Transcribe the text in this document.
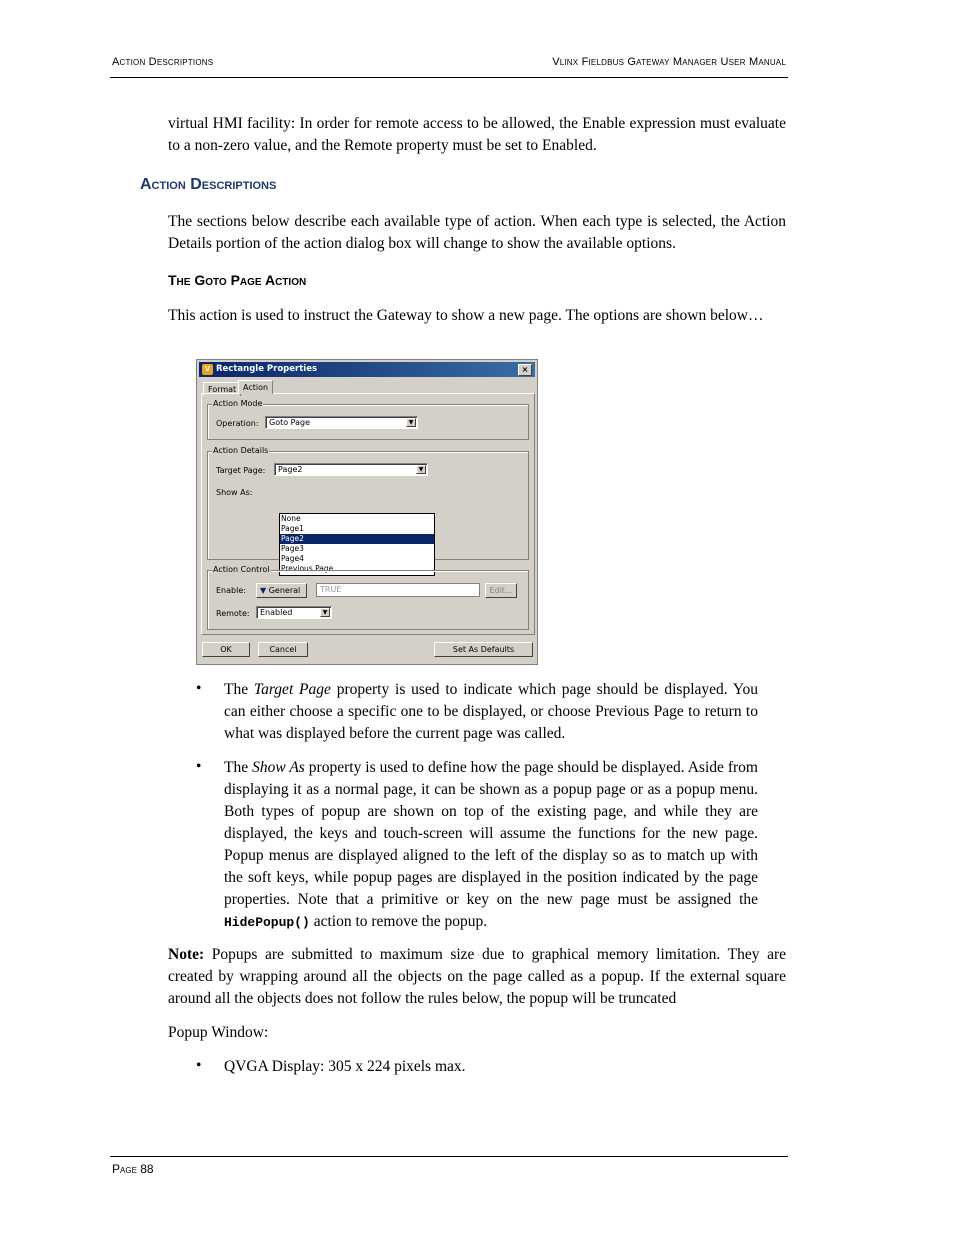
Action Descriptions	Vlinx Fieldbus Gateway Manager User Manual
virtual HMI facility: In order for remote access to be allowed, the Enable expression must evaluate to a non-zero value, and the Remote property must be set to Enabled.
Action Descriptions
The sections below describe each available type of action. When each type is selected, the Action Details portion of the action dialog box will change to show the available options.
The Goto Page Action
This action is used to instruct the Gateway to show a new page. The options are shown below…
V Rectangle Properties	×
Format Action
Action Mode
Operation: Goto Page	▼
Action Details
Target Page: Page2	▼
Show As:
None
Page1
Page2
Page3
Page4
Previous Page
Action Control
Enable:	▼ General	TRUE	Edit...
Remote: Enabled	▼
OK	Cancel	Set As Defaults
• The Target Page property is used to indicate which page should be displayed. You can either choose a specific one to be displayed, or choose Previous Page to return to what was displayed before the current page was called.
• The Show As property is used to define how the page should be displayed. Aside from displaying it as a normal page, it can be shown as a popup page or as a popup menu. Both types of popup are shown on top of the existing page, and while they are displayed, the keys and touch-screen will assume the functions for the new page. Popup menus are displayed aligned to the left of the display so as to match up with the soft keys, while popup pages are displayed in the position indicated by the page properties. Note that a primitive or key on the new page must be assigned the HidePopup() action to remove the popup.
Note: Popups are submitted to maximum size due to graphical memory limitation. They are created by wrapping around all the objects on the page called as a popup. If the external square around all the objects does not follow the rules below, the popup will be truncated
Popup Window:
• QVGA Display: 305 x 224 pixels max.
Page 88
